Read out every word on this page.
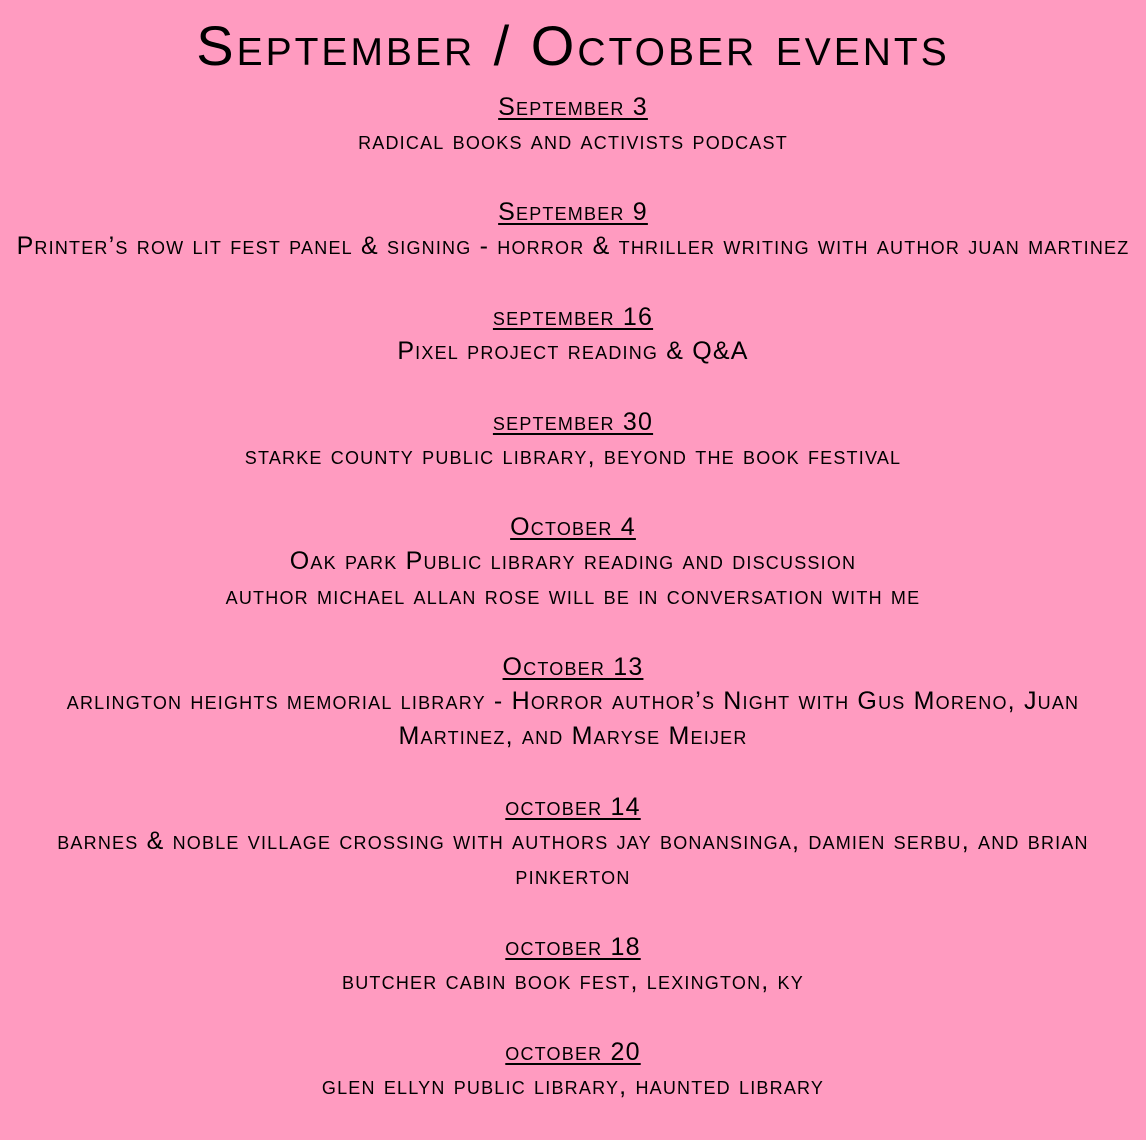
September / October events
September 3
radical books and activists podcast
September 9
Printer’s row lit fest panel & signing - horror & thriller writing with author juan martinez
september 16
Pixel project reading & Q&A
september 30
starke county public library, beyond the book festival
October 4
Oak park Public library reading and discussion
author michael allan rose will be in conversation with me
October 13
arlington heights memorial library - Horror author’s Night with Gus Moreno, Juan Martinez, and Maryse Meijer
october 14
barnes & noble village crossing with authors jay bonansinga, damien serbu, and brian pinkerton
october 18
butcher cabin book fest, lexington, ky
october 20
glen ellyn public library, haunted library
